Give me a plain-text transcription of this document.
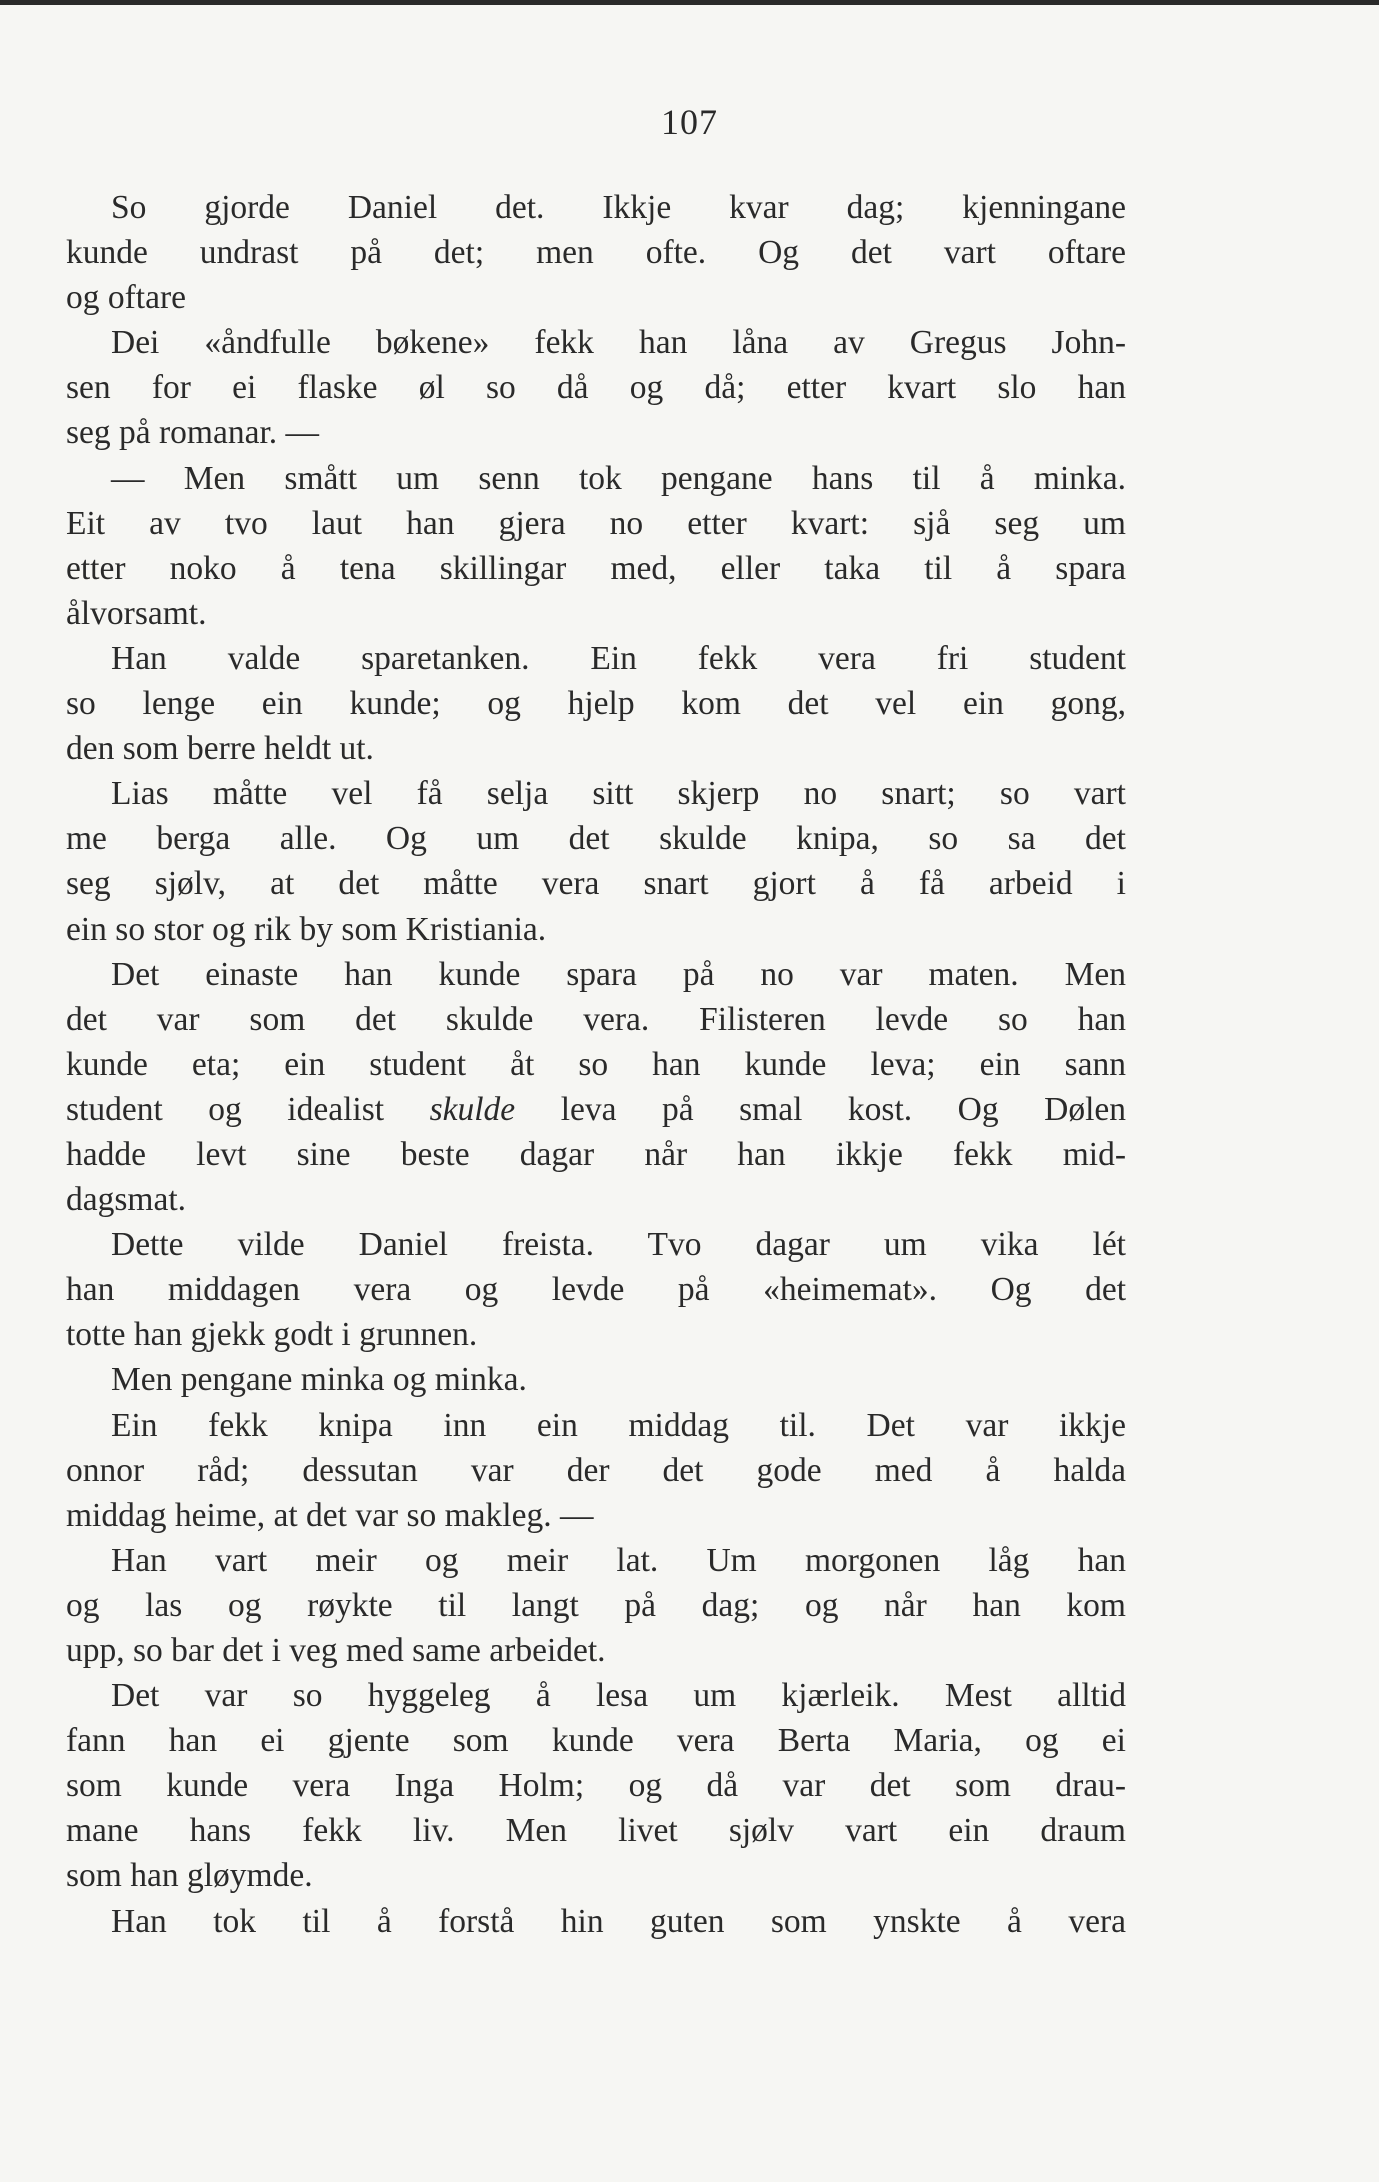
107
So gjorde Daniel det. Ikkje kvar dag; kjenningane
kunde undrast på det; men ofte. Og det vart oftare
og oftare
Dei «åndfulle bøkene» fekk han låna av Gregus John-
sen for ei flaske øl so då og då; etter kvart slo han
seg på romanar. —
— Men smått um senn tok pengane hans til å minka.
Eit av tvo laut han gjera no etter kvart: sjå seg um
etter noko å tena skillingar med, eller taka til å spara
ålvorsamt.
Han valde sparetanken. Ein fekk vera fri student
so lenge ein kunde; og hjelp kom det vel ein gong,
den som berre heldt ut.
Lias måtte vel få selja sitt skjerp no snart; so vart
me berga alle. Og um det skulde knipa, so sa det
seg sjølv, at det måtte vera snart gjort å få arbeid i
ein so stor og rik by som Kristiania.
Det einaste han kunde spara på no var maten. Men
det var som det skulde vera. Filisteren levde so han
kunde eta; ein student åt so han kunde leva; ein sann
student og idealist skulde leva på smal kost. Og Dølen
hadde levt sine beste dagar når han ikkje fekk mid-
dagsmat.
Dette vilde Daniel freista. Tvo dagar um vika lét
han middagen vera og levde på «heimemat». Og det
totte han gjekk godt i grunnen.
Men pengane minka og minka.
Ein fekk knipa inn ein middag til. Det var ikkje
onnor råd; dessutan var der det gode med å halda
middag heime, at det var so makleg. —
Han vart meir og meir lat. Um morgonen låg han
og las og røykte til langt på dag; og når han kom
upp, so bar det i veg med same arbeidet.
Det var so hyggeleg å lesa um kjærleik. Mest alltid
fann han ei gjente som kunde vera Berta Maria, og ei
som kunde vera Inga Holm; og då var det som drau-
mane hans fekk liv. Men livet sjølv vart ein draum
som han gløymde.
Han tok til å forstå hin guten som ynskte å vera
